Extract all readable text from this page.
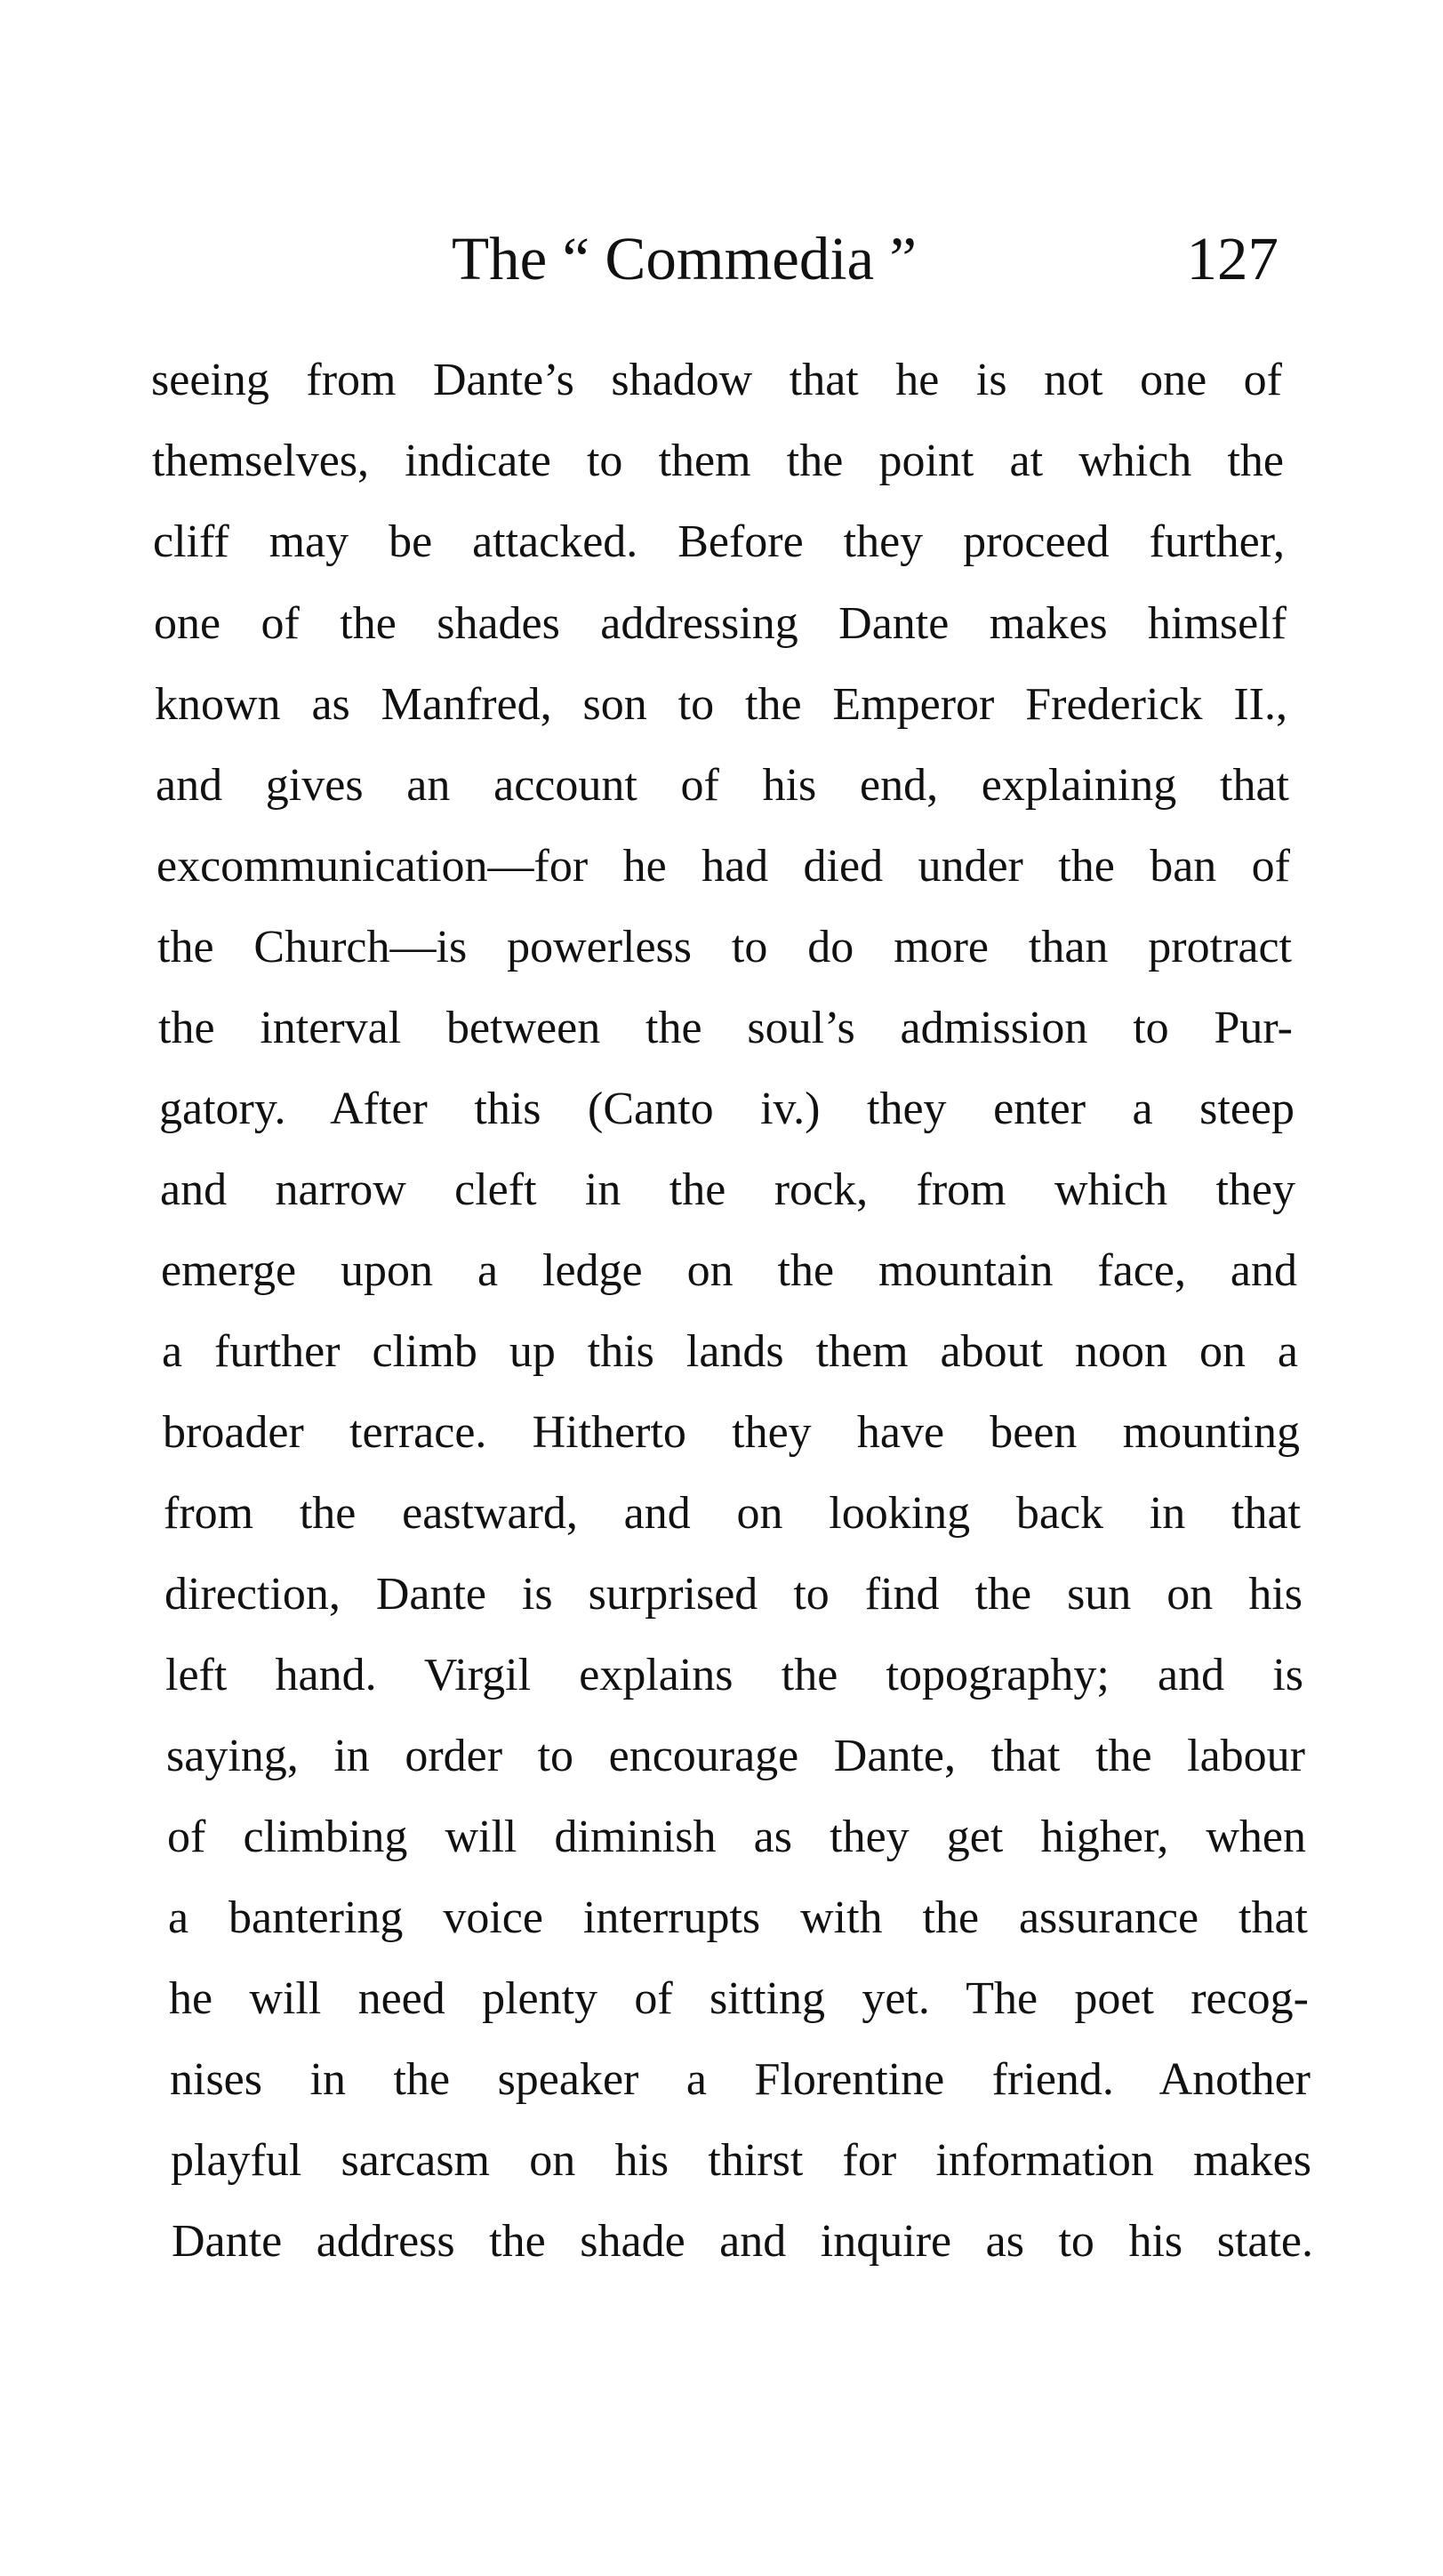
The “ Commedia ”	127
seeing from Dante’s shadow that he is not one of
themselves, indicate to them the point at which the
cliff may be attacked. Before they proceed further,
one of the shades addressing Dante makes himself
known as Manfred, son to the Emperor Frederick II.,
and gives an account of his end, explaining that
excommunication—for he had died under the ban of
the Church—is powerless to do more than protract
the interval between the soul’s admission to Pur-
gatory. After this (Canto iv.) they enter a steep
and narrow cleft in the rock, from which they
emerge upon a ledge on the mountain face, and
a further climb up this lands them about noon on a
broader terrace. Hitherto they have been mounting
from the eastward, and on looking back in that
direction, Dante is surprised to find the sun on his
left hand. Virgil explains the topography; and is
saying, in order to encourage Dante, that the labour
of climbing will diminish as they get higher, when
a bantering voice interrupts with the assurance that
he will need plenty of sitting yet. The poet recog-
nises in the speaker a Florentine friend. Another
playful sarcasm on his thirst for information makes
Dante address the shade and inquire as to his state.
